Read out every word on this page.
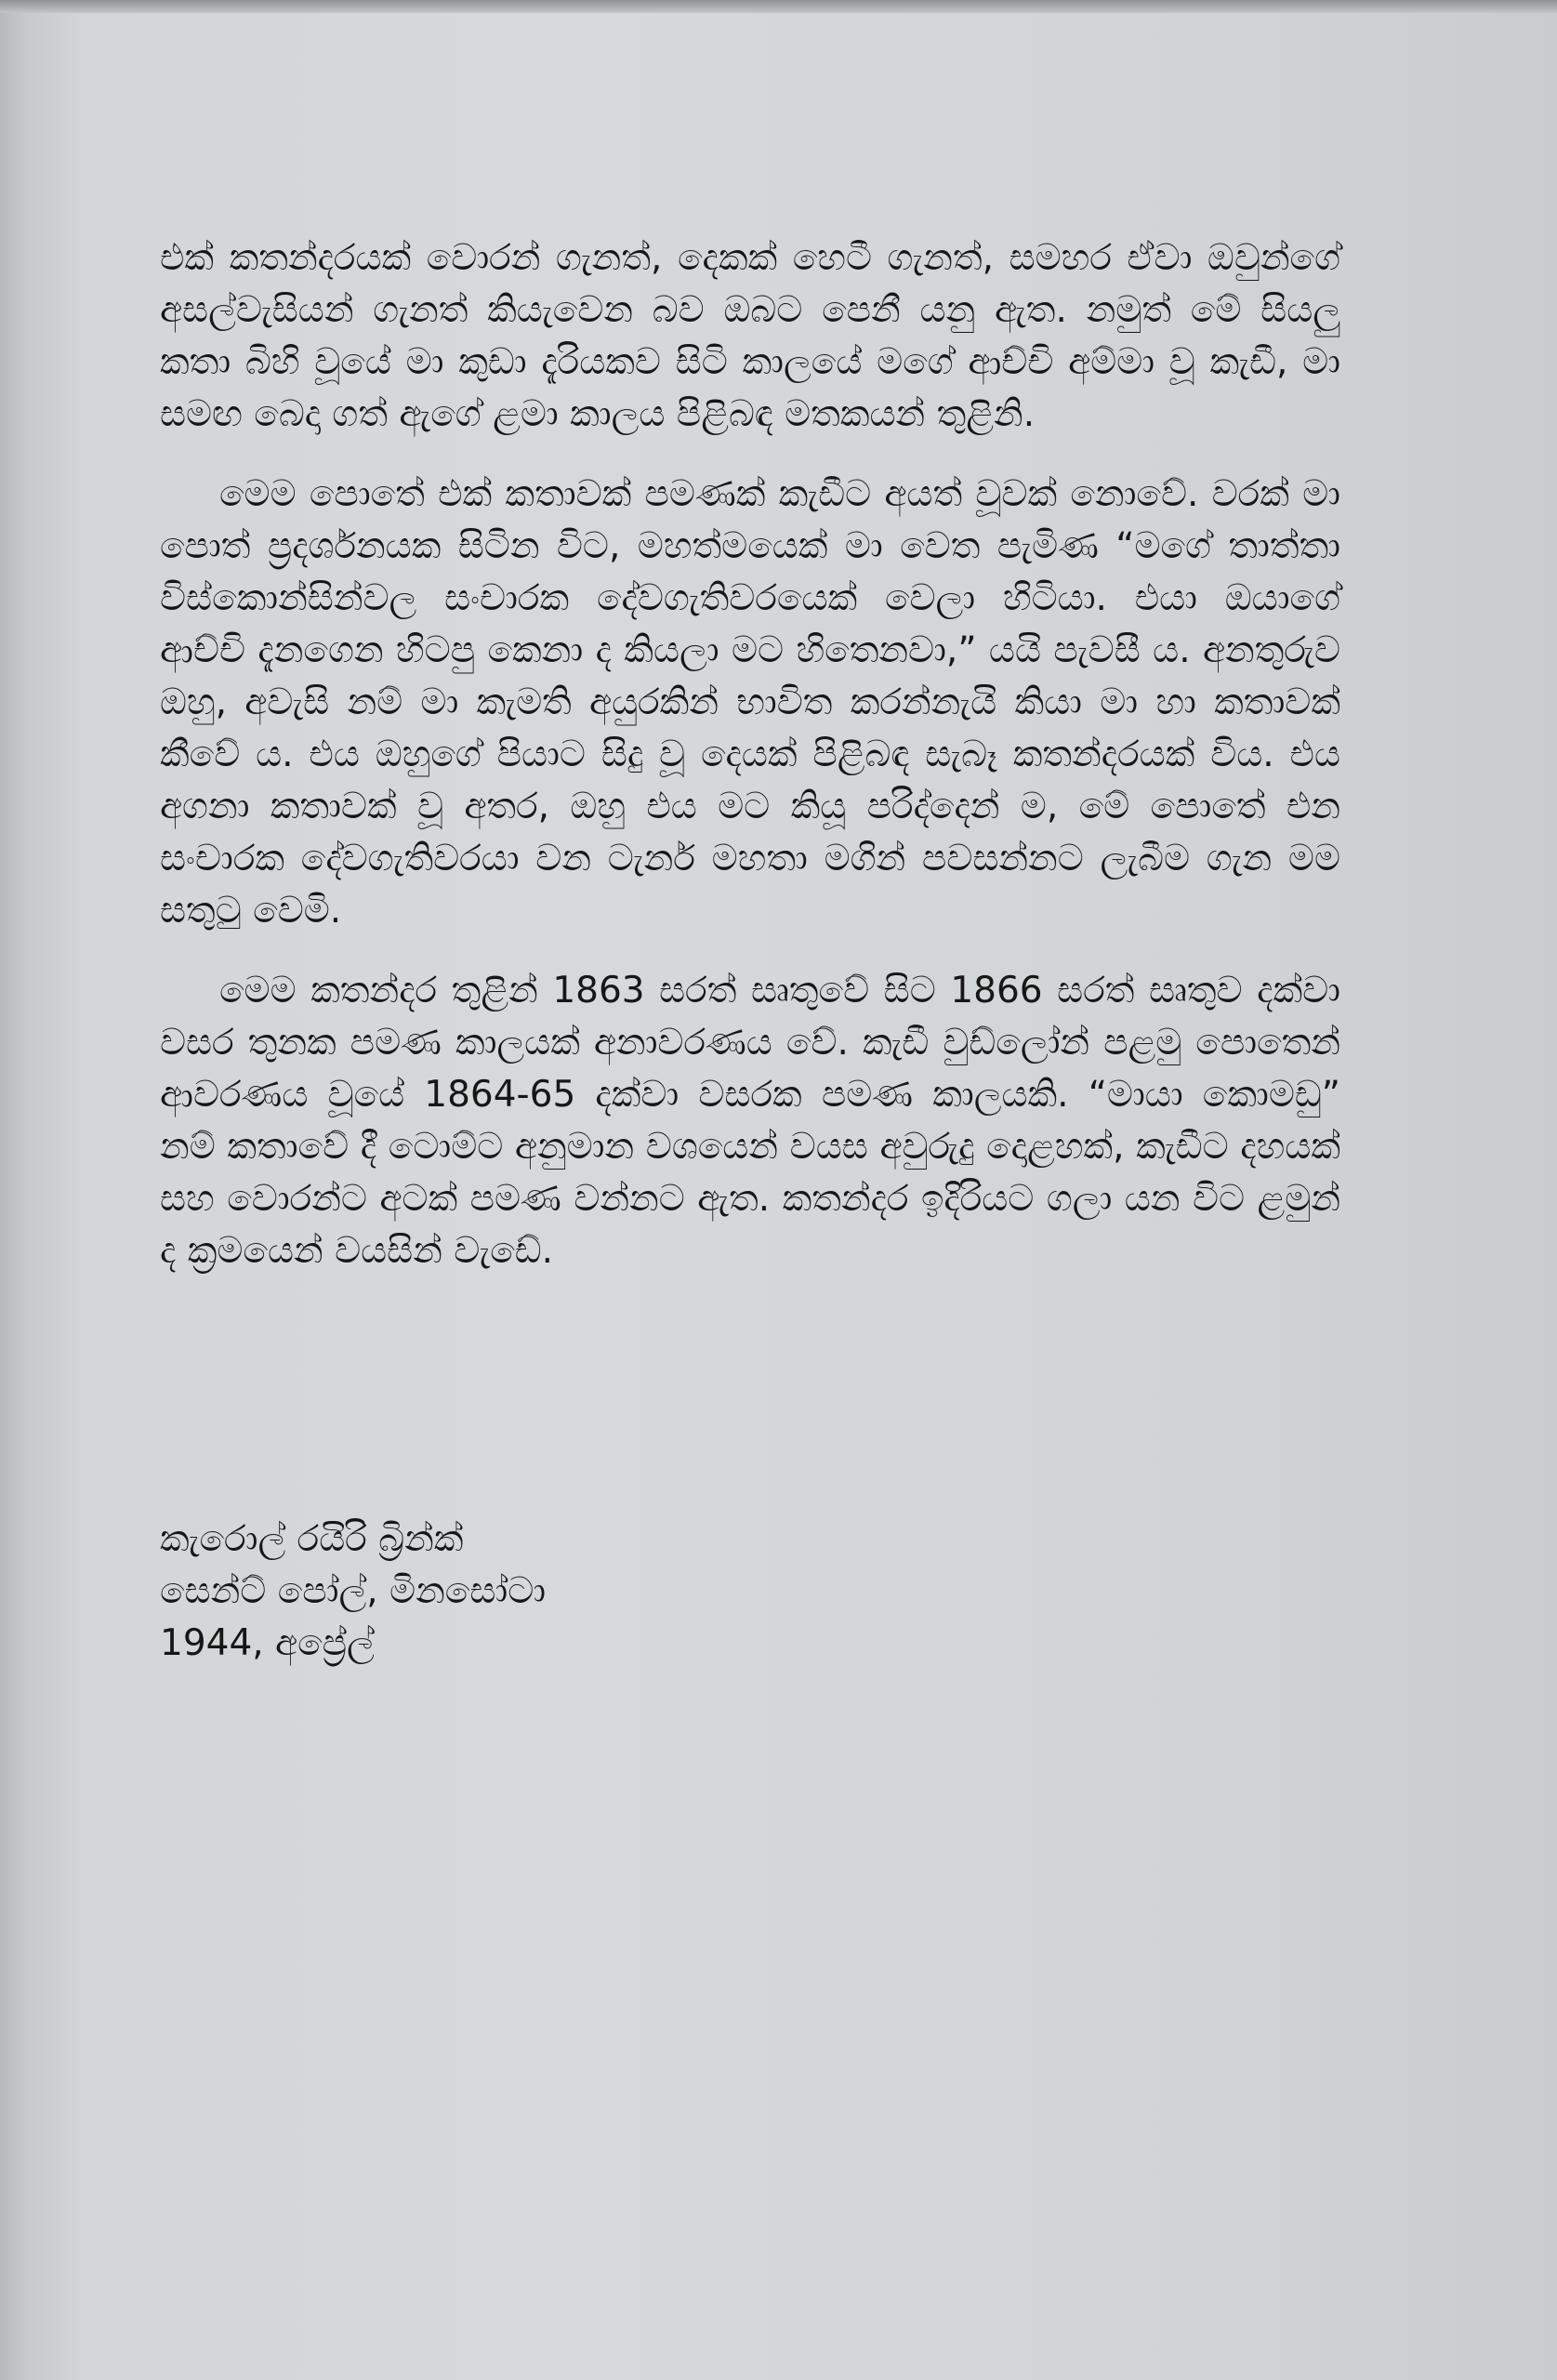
එක් කතන්දරයක් වොරන් ගැනත්, දෙකක් හෙටී ගැනත්, සමහර ඒවා ඔවුන්ගේ අසල්වැසියන් ගැනත් කියැවෙන බව ඔබට පෙනී යනු ඇත. නමුත් මේ සියලු කතා බිහි වූයේ මා කුඩා දැරියකව සිටි කාලයේ මගේ ආච්චි අම්මා වූ කැඩී, මා සමඟ බෙදා ගත් ඇගේ ළමා කාලය පිළිබඳ මතකයන් තුළිනි.

මෙම පොතේ එක් කතාවක් පමණක් කැඩීට අයත් වූවක් නොවේ. වරක් මා පොත් ප්‍රදර්ශනයක සිටින විට, මහත්මයෙක් මා වෙත පැමිණ “මගේ තාත්තා විස්කොන්සින්වල සංචාරක දේවගැතිවරයෙක් වෙලා හිටියා. එයා ඔයාගේ ආච්චි දැනගෙන හිටපු කෙනා ද කියලා මට හිතෙනවා,” යයි පැවසී ය. අනතුරුව ඔහු, අවැසි නම් මා කැමති අයුරකින් භාවිත කරන්නැයි කියා මා හා කතාවක් කීවේ ය. එය ඔහුගේ පියාට සිදු වූ දෙයක් පිළිබඳ සැබෑ කතන්දරයක් විය. එය අගනා කතාවක් වූ අතර, ඔහු එය මට කියූ පරිද්දෙන් ම, මේ පොතේ එන සංචාරක දේවගැතිවරයා වන ටැනර් මහතා මගින් පවසන්නට ලැබීම ගැන මම සතුටු වෙමි.

මෙම කතන්දර තුළින් 1863 සරත් සෘතුවේ සිට 1866 සරත් සෘතුව දක්වා වසර තුනක පමණ කාලයක් අනාවරණය වේ. කැඩී වුඩ්ලෝන් පළමු පොතෙන් ආවරණය වූයේ 1864-65 දක්වා වසරක පමණ කාලයකි. “මායා කොමඩු” නම් කතාවේ දී ටොම්ට අනුමාන වශයෙන් වයස අවුරුදු දොළහක්, කැඩීට දහයක් සහ වොරන්ට අටක් පමණ වන්නට ඇත. කතන්දර ඉදිරියට ගලා යන විට ළමුන් ද ක්‍රමයෙන් වයසින් වැඩේ.

කැරොල් රයිරි බ්‍රින්ක්
සෙන්ට් පෝල්, මිනසෝටා
1944, අප්‍රේල්
